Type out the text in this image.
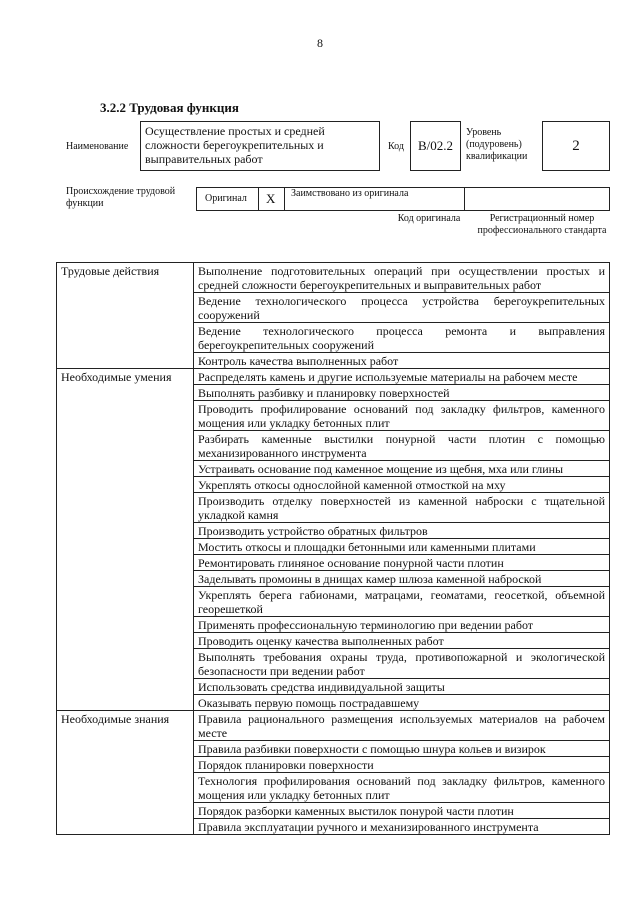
8
3.2.2 Трудовая функция
Наименование
Осуществление простых и средней сложности берегоукрепительных и выправительных работ
Код	B/02.2
Уровень (подуровень) квалификации
2
Происхождение трудовой функции	Оригинал X Заимствовано из оригинала
Код оригинала	Регистрационный номер профессионального стандарта
Трудовые действия	Выполнение подготовительных операций при осуществлении простых и средней сложности берегоукрепительных и выправительных работ
	Ведение технологического процесса устройства берегоукрепительных сооружений
	Ведение технологического процесса ремонта и выправления берегоукрепительных сооружений
	Контроль качества выполненных работ
Необходимые умения	Распределять камень и другие используемые материалы на рабочем месте
	Выполнять разбивку и планировку поверхностей
	Проводить профилирование оснований под закладку фильтров, каменного мощения или укладку бетонных плит
	Разбирать каменные выстилки понурной части плотин с помощью механизированного инструмента
	Устраивать основание под каменное мощение из щебня, мха или глины
	Укреплять откосы однослойной каменной отмосткой на мху
	Производить отделку поверхностей из каменной наброски с тщательной укладкой камня
	Производить устройство обратных фильтров
	Мостить откосы и площадки бетонными или каменными плитами
	Ремонтировать глиняное основание понурной части плотин
	Заделывать промоины в днищах камер шлюза каменной наброской
	Укреплять берега габионами, матрацами, геоматами, геосеткой, объемной георешеткой
	Применять профессиональную терминологию при ведении работ
	Проводить оценку качества выполненных работ
	Выполнять требования охраны труда, противопожарной и экологической безопасности при ведении работ
	Использовать средства индивидуальной защиты
	Оказывать первую помощь пострадавшему
Необходимые знания	Правила рационального размещения используемых материалов на рабочем месте
	Правила разбивки поверхности с помощью шнура кольев и визирок
	Порядок планировки поверхности
	Технология профилирования оснований под закладку фильтров, каменного мощения или укладку бетонных плит
	Порядок разборки каменных выстилок понурой части плотин
	Правила эксплуатации ручного и механизированного инструмента
